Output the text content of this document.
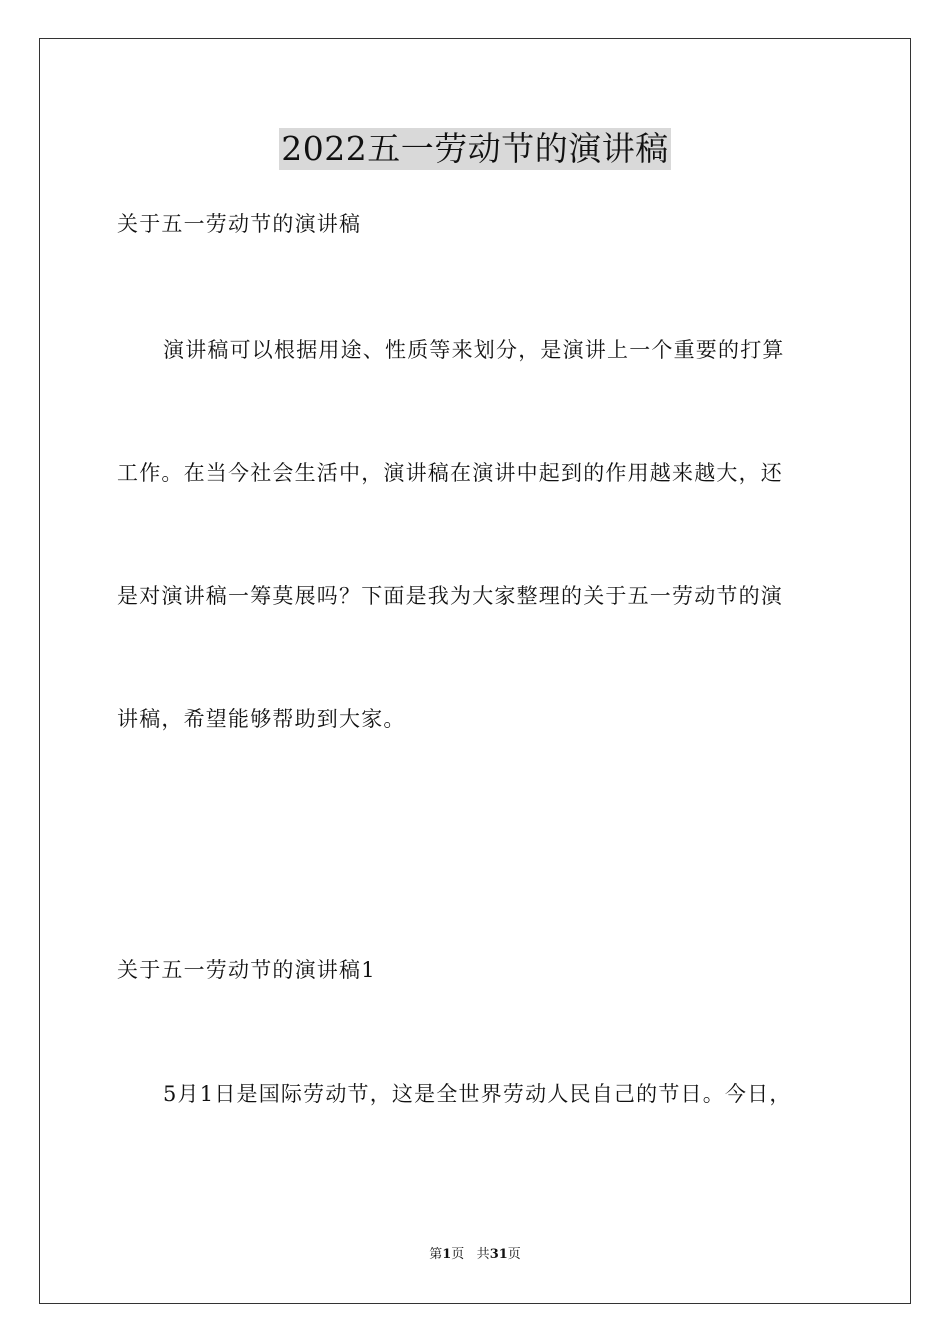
2022五一劳动节的演讲稿
关于五一劳动节的演讲稿
演讲稿可以根据用途、性质等来划分，是演讲上一个重要的打算
工作。在当今社会生活中，演讲稿在演讲中起到的作用越来越大，还
是对演讲稿一筹莫展吗？下面是我为大家整理的关于五一劳动节的演
讲稿，希望能够帮助到大家。
关于五一劳动节的演讲稿1
5月1日是国际劳动节，这是全世界劳动人民自己的节日。今日，
第1页 共31页
